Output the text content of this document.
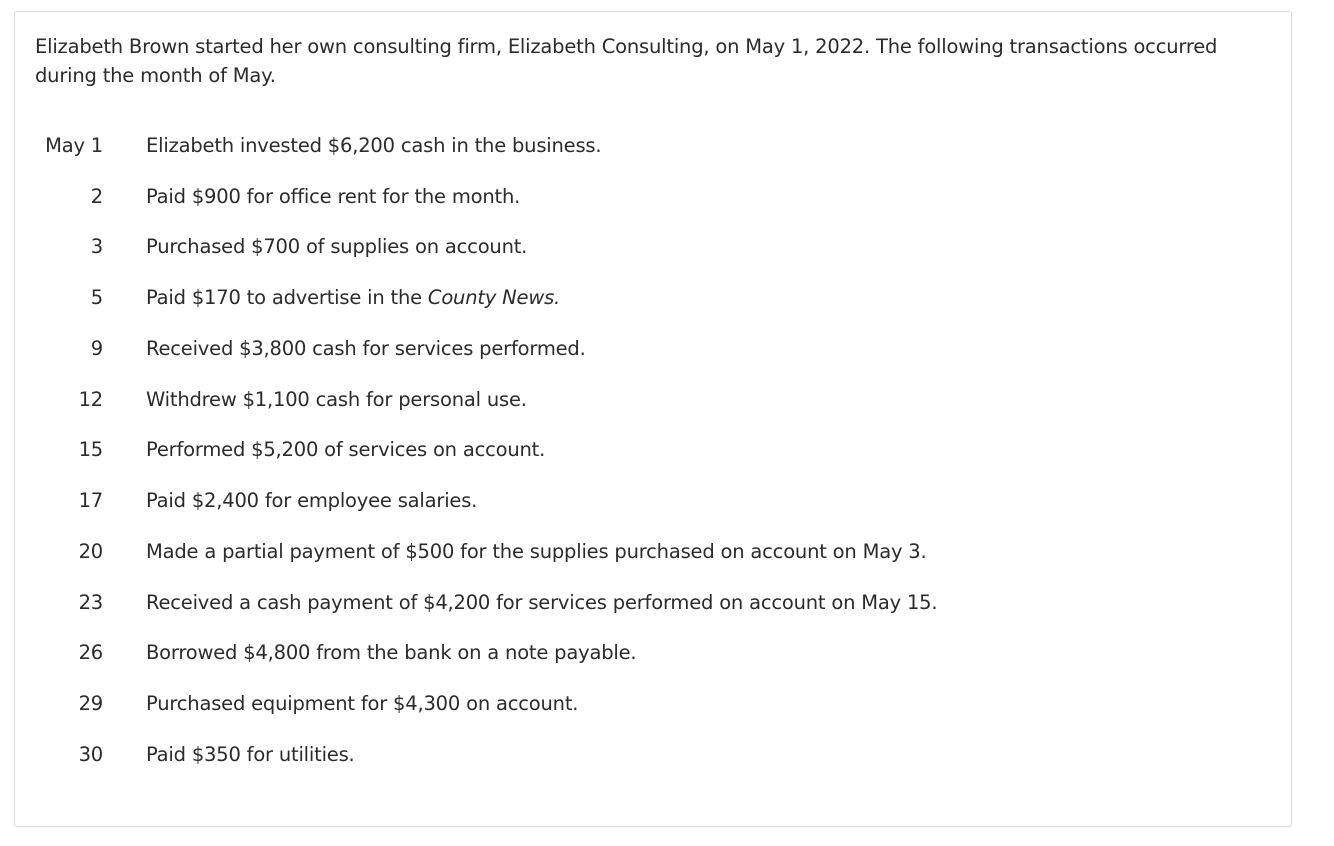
Elizabeth Brown started her own consulting firm, Elizabeth Consulting, on May 1, 2022. The following transactions occurred during the month of May.

May 1		Elizabeth invested $6,200 cash in the business.
2		Paid $900 for office rent for the month.
3		Purchased $700 of supplies on account.
5		Paid $170 to advertise in the County News.
9		Received $3,800 cash for services performed.
12		Withdrew $1,100 cash for personal use.
15		Performed $5,200 of services on account.
17		Paid $2,400 for employee salaries.
20		Made a partial payment of $500 for the supplies purchased on account on May 3.
23		Received a cash payment of $4,200 for services performed on account on May 15.
26		Borrowed $4,800 from the bank on a note payable.
29		Purchased equipment for $4,300 on account.
30		Paid $350 for utilities.
